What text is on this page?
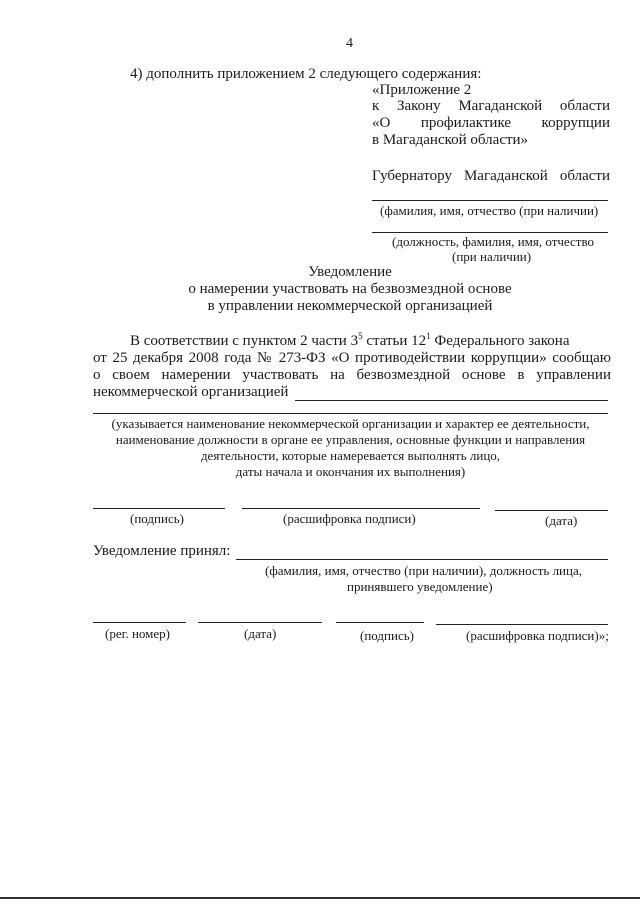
4
4) дополнить приложением 2 следующего содержания:
«Приложение 2
к Закону Магаданской области
«О профилактике коррупции
в Магаданской области»
Губернатору Магаданской области
(фамилия, имя, отчество (при наличии)
(должность, фамилия, имя, отчество
(при наличии)
Уведомление
о намерении участвовать на безвозмездной основе
в управлении некоммерческой организацией
В соответствии с пунктом 2 части $3^5$ статьи $12^1$ Федерального закона
от 25 декабря 2008 года № 273-ФЗ «О противодействии коррупции» сообщаю
о своем намерении участвовать на безвозмездной основе в управлении
некоммерческой организацией
(указывается наименование некоммерческой организации и характер ее деятельности,
наименование должности в органе ее управления, основные функции и направления
деятельности, которые намеревается выполнять лицо,
даты начала и окончания их выполнения)
(подпись)	(расшифровка подписи)	(дата)
Уведомление принял:
(фамилия, имя, отчество (при наличии), должность лица,
принявшего уведомление)
(рег. номер)	(дата)	(подпись)	(расшифровка подписи)»;
